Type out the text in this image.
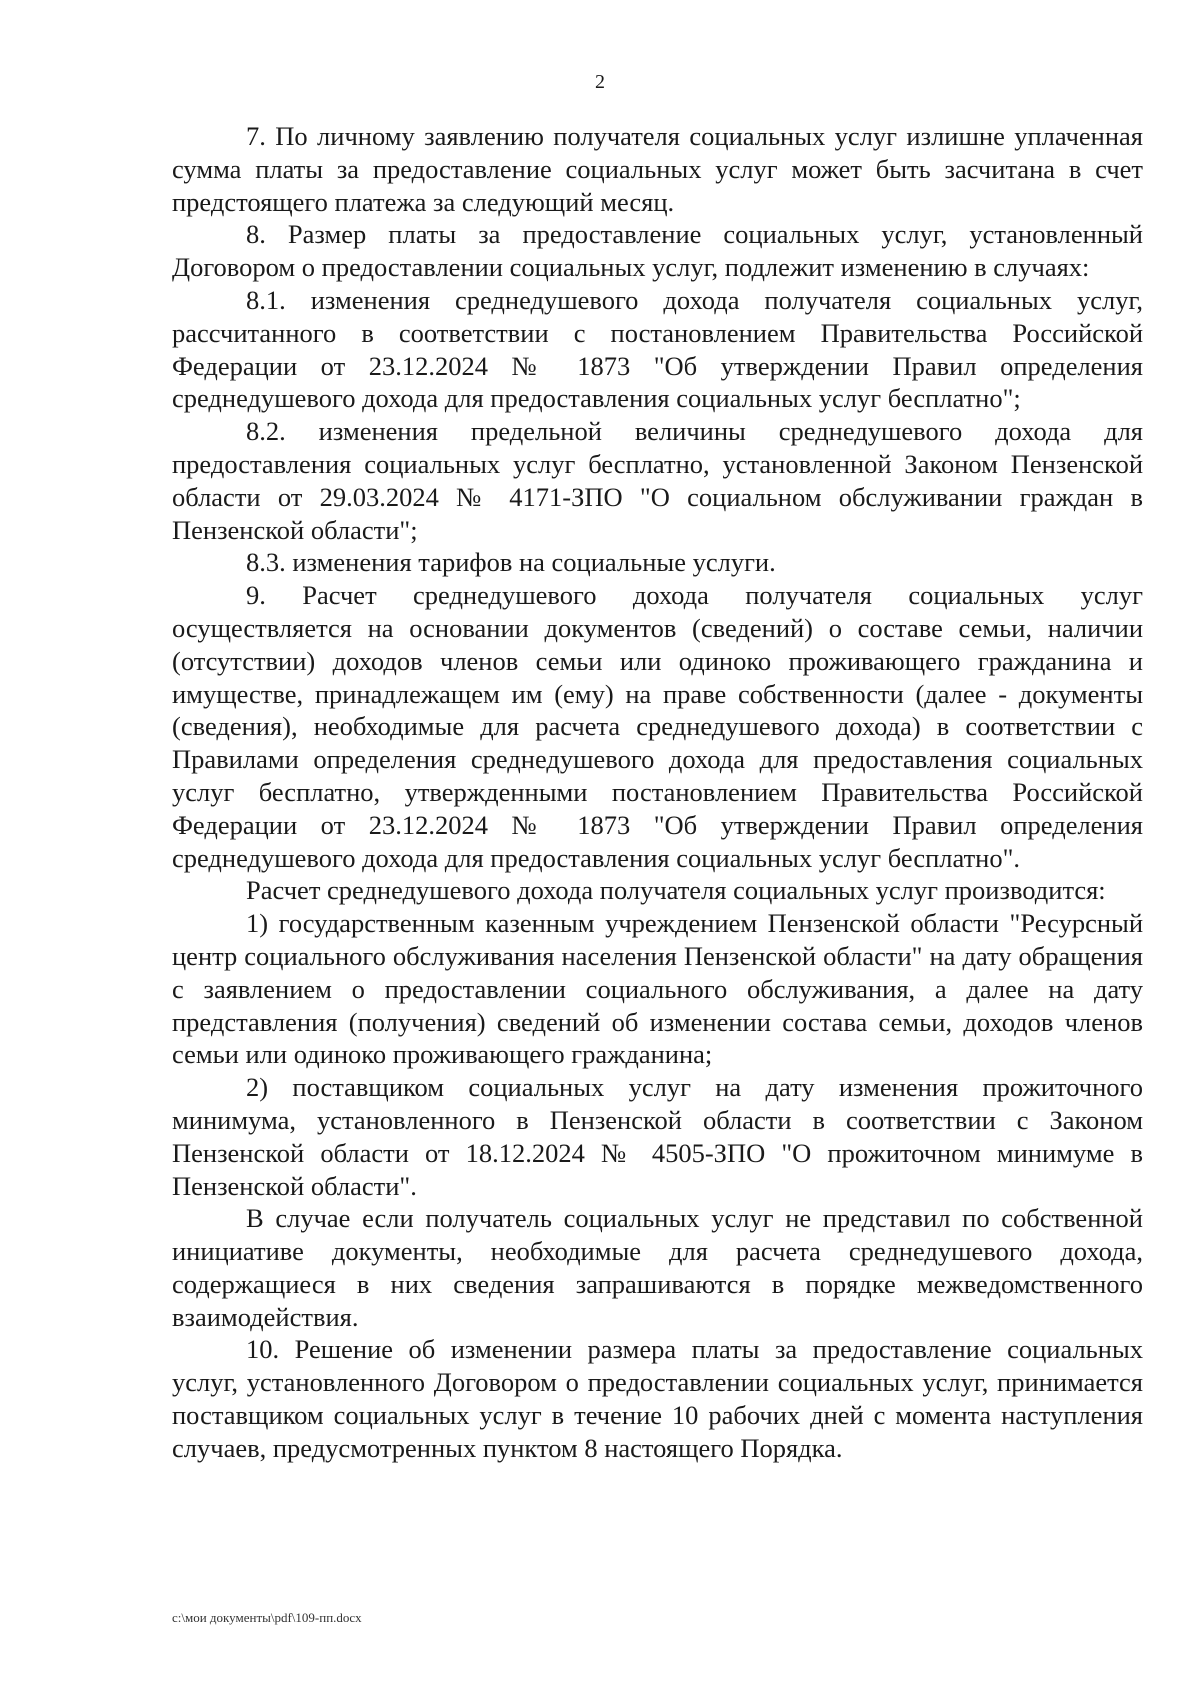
2

7. По личному заявлению получателя социальных услуг излишне уплаченная сумма платы за предоставление социальных услуг может быть засчитана в счет предстоящего платежа за следующий месяц.

8. Размер платы за предоставление социальных услуг, установленный Договором о предоставлении социальных услуг, подлежит изменению в случаях:

8.1. изменения среднедушевого дохода получателя социальных услуг, рассчитанного в соответствии с постановлением Правительства Российской Федерации от 23.12.2024 № 1873 "Об утверждении Правил определения среднедушевого дохода для предоставления социальных услуг бесплатно";

8.2. изменения предельной величины среднедушевого дохода для предоставления социальных услуг бесплатно, установленной Законом Пензенской области от 29.03.2024 № 4171-ЗПО "О социальном обслуживании граждан в Пензенской области";

8.3. изменения тарифов на социальные услуги.

9. Расчет среднедушевого дохода получателя социальных услуг осуществляется на основании документов (сведений) о составе семьи, наличии (отсутствии) доходов членов семьи или одиноко проживающего гражданина и имуществе, принадлежащем им (ему) на праве собственности (далее - документы (сведения), необходимые для расчета среднедушевого дохода) в соответствии с Правилами определения среднедушевого дохода для предоставления социальных услуг бесплатно, утвержденными постановлением Правительства Российской Федерации от 23.12.2024 № 1873 "Об утверждении Правил определения среднедушевого дохода для предоставления социальных услуг бесплатно".

Расчет среднедушевого дохода получателя социальных услуг производится:

1) государственным казенным учреждением Пензенской области "Ресурсный центр социального обслуживания населения Пензенской области" на дату обращения с заявлением о предоставлении социального обслуживания, а далее на дату представления (получения) сведений об изменении состава семьи, доходов членов семьи или одиноко проживающего гражданина;

2) поставщиком социальных услуг на дату изменения прожиточного минимума, установленного в Пензенской области в соответствии с Законом Пензенской области от 18.12.2024 № 4505-ЗПО "О прожиточном минимуме в Пензенской области".

В случае если получатель социальных услуг не представил по собственной инициативе документы, необходимые для расчета среднедушевого дохода, содержащиеся в них сведения запрашиваются в порядке межведомственного взаимодействия.

10. Решение об изменении размера платы за предоставление социальных услуг, установленного Договором о предоставлении социальных услуг, принимается поставщиком социальных услуг в течение 10 рабочих дней с момента наступления случаев, предусмотренных пунктом 8 настоящего Порядка.

c:\мои документы\pdf\109-пп.docx
